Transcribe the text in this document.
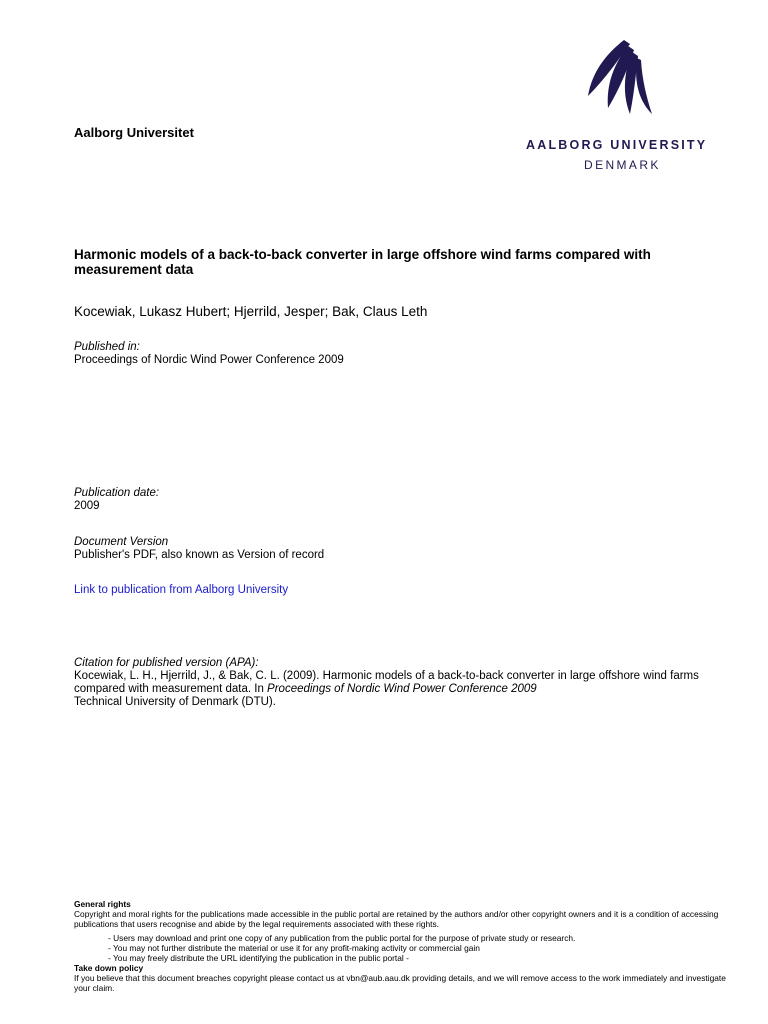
Aalborg Universitet
AALBORG UNIVERSITY
DENMARK
Harmonic models of a back-to-back converter in large offshore wind farms compared with measurement data
Kocewiak, Lukasz Hubert; Hjerrild, Jesper; Bak, Claus Leth
Published in:
Proceedings of Nordic Wind Power Conference 2009
Publication date:
2009
Document Version
Publisher's PDF, also known as Version of record
Link to publication from Aalborg University
Citation for published version (APA):
Kocewiak, L. H., Hjerrild, J., & Bak, C. L. (2009). Harmonic models of a back-to-back converter in large offshore wind farms compared with measurement data. In Proceedings of Nordic Wind Power Conference 2009
Technical University of Denmark (DTU).
General rights
Copyright and moral rights for the publications made accessible in the public portal are retained by the authors and/or other copyright owners and it is a condition of accessing publications that users recognise and abide by the legal requirements associated with these rights.
- Users may download and print one copy of any publication from the public portal for the purpose of private study or research.
- You may not further distribute the material or use it for any profit-making activity or commercial gain
- You may freely distribute the URL identifying the publication in the public portal -
Take down policy
If you believe that this document breaches copyright please contact us at vbn@aub.aau.dk providing details, and we will remove access to the work immediately and investigate your claim.
